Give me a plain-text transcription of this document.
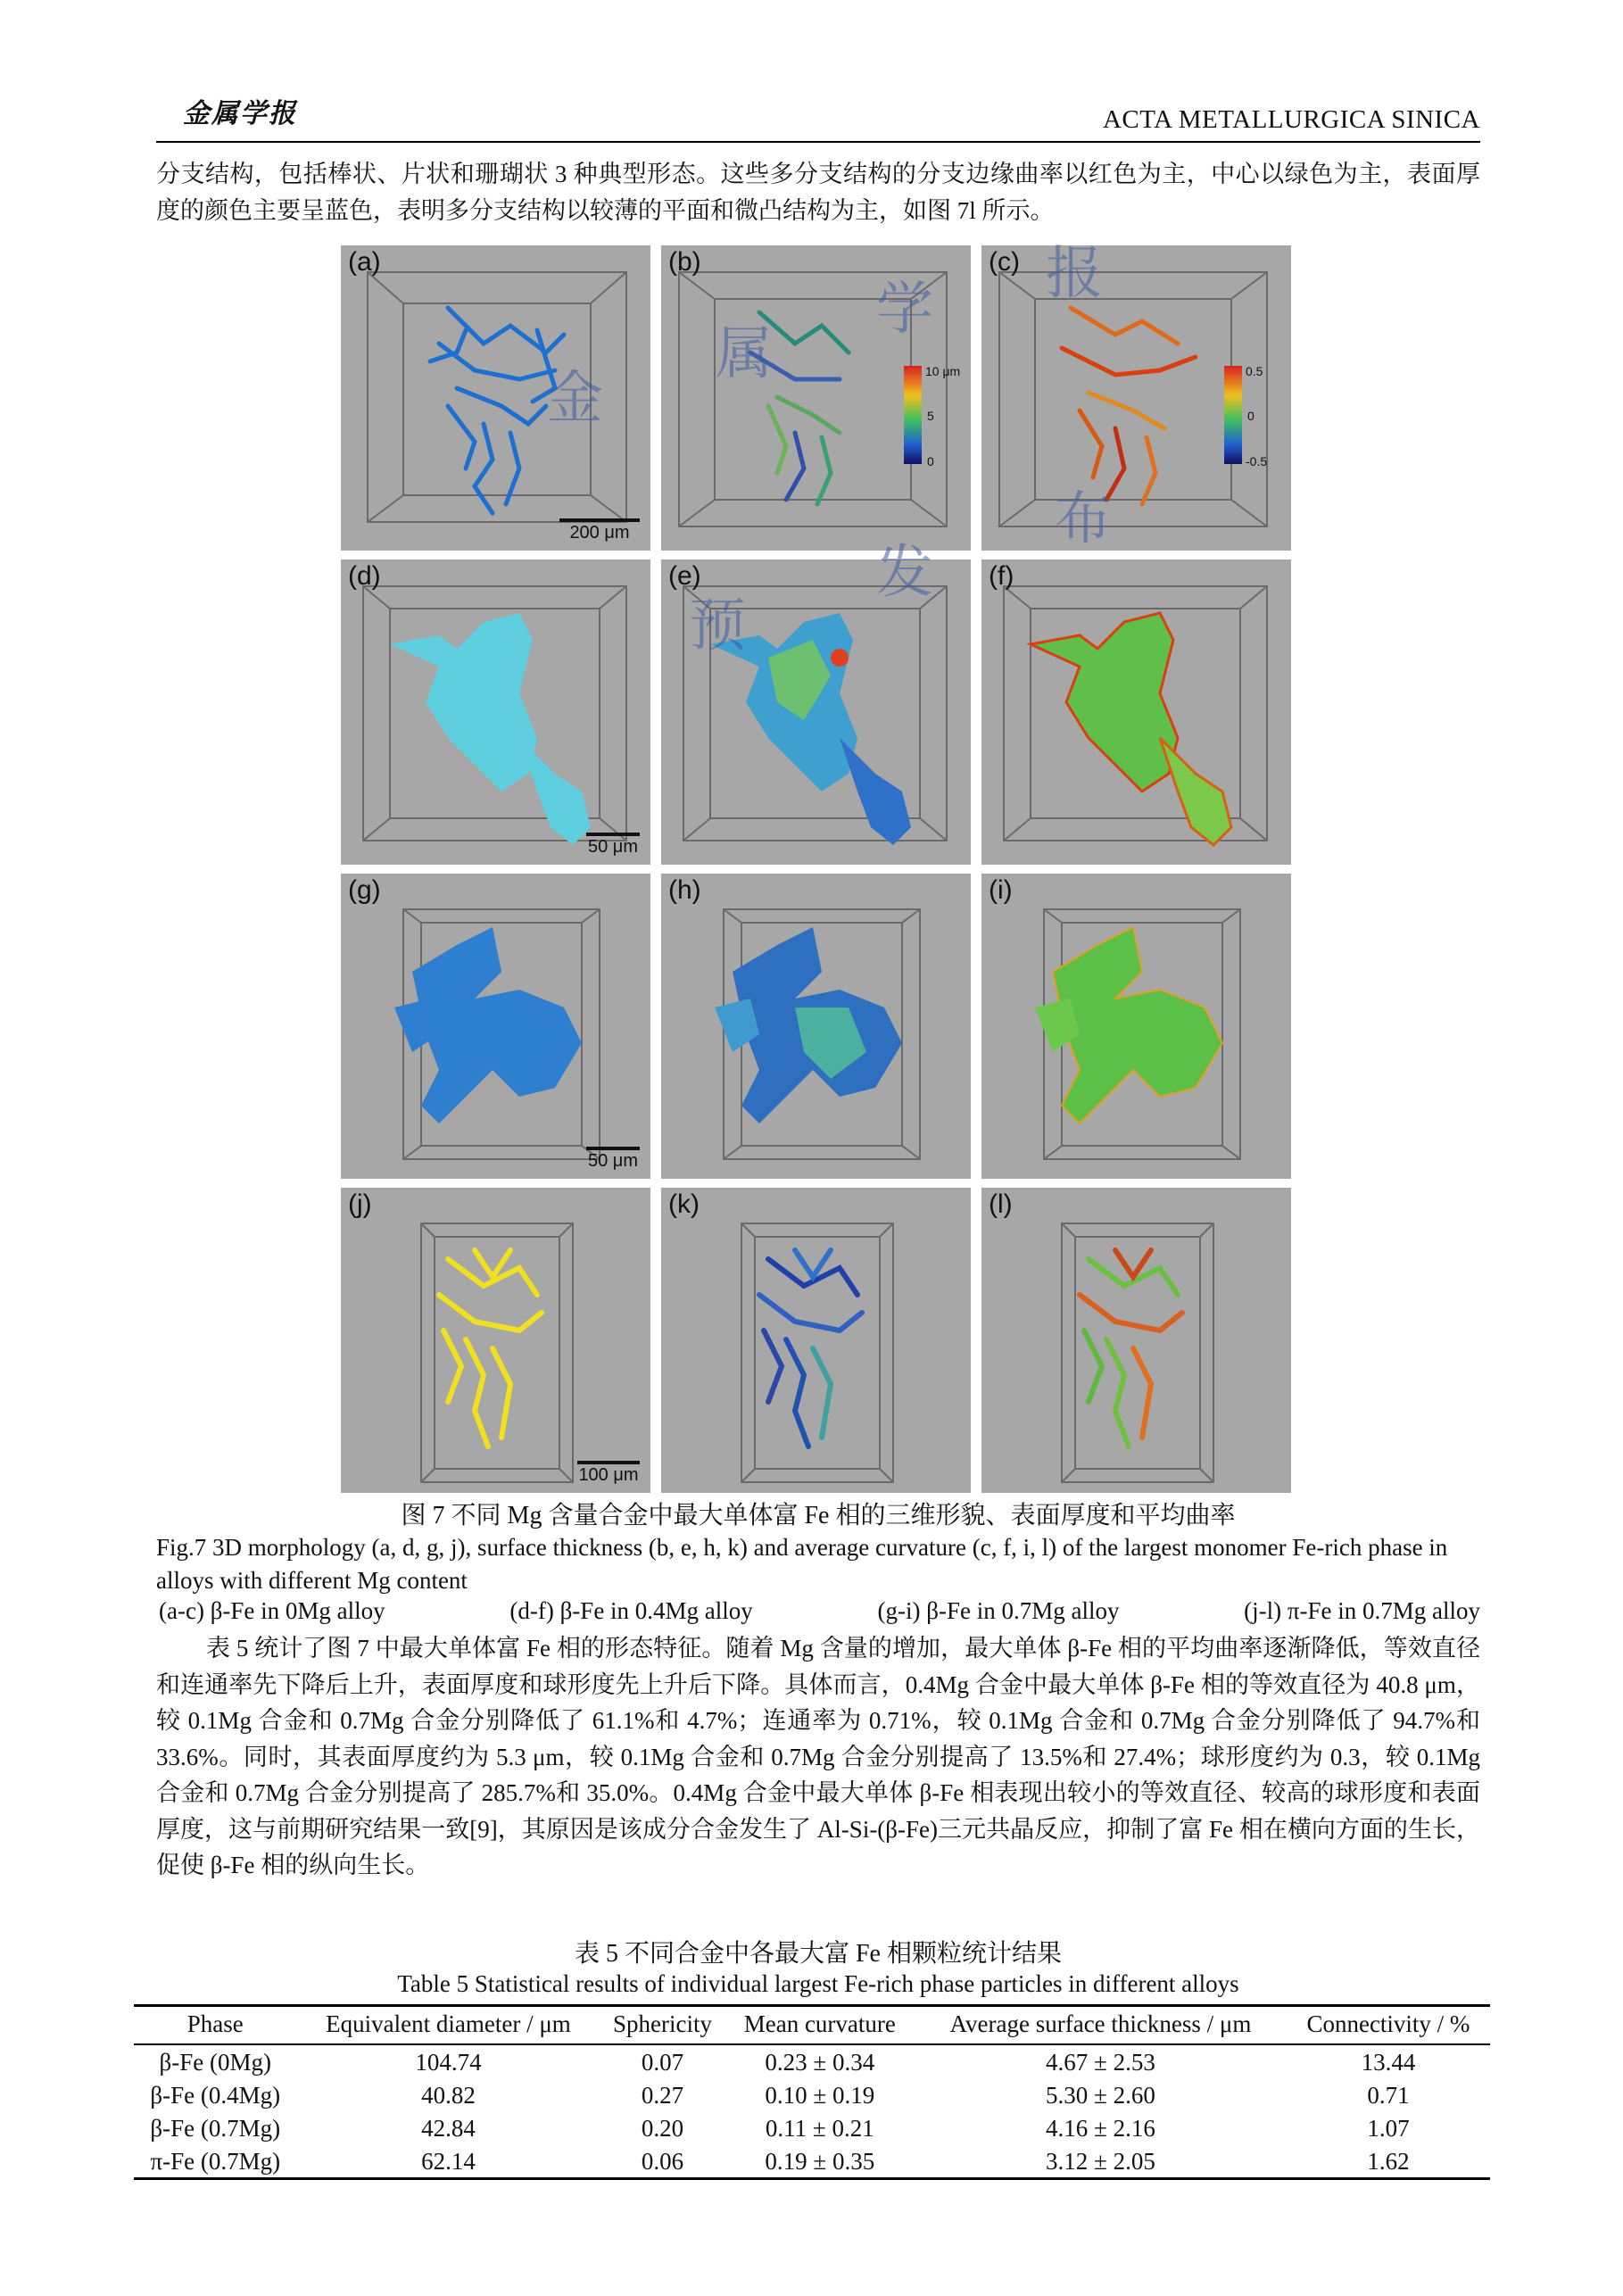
金属学报	ACTA METALLURGICA SINICA

分支结构，包括棒状、片状和珊瑚状 3 种典型形态。这些多分支结构的分支边缘曲率以红色为主，中心以绿色为主，表面厚度的颜色主要呈蓝色，表明多分支结构以较薄的平面和微凸结构为主，如图 7l 所示。

(a)
200 μm
(b)
10 μm
5
0
(c)
0.5
0
-0.5
(d)
50 μm
(e)	(f)
(g)
50 μm
(h)	(i)
(j)
100 μm
(k)	(l)
金
属
学
报
预
发
布
图 7 不同 Mg 含量合金中最大单体富 Fe 相的三维形貌、表面厚度和平均曲率
Fig.7 3D morphology (a, d, g, j), surface thickness (b, e, h, k) and average curvature (c, f, i, l) of the largest monomer Fe-rich phase in alloys with different Mg content
(a-c) β-Fe in 0Mg alloy	(d-f) β-Fe in 0.4Mg alloy	(g-i) β-Fe in 0.7Mg alloy	(j-l) π-Fe in 0.7Mg alloy

表 5 统计了图 7 中最大单体富 Fe 相的形态特征。随着 Mg 含量的增加，最大单体 β-Fe 相的平均曲率逐渐降低，等效直径和连通率先下降后上升，表面厚度和球形度先上升后下降。具体而言，0.4Mg 合金中最大单体 β-Fe 相的等效直径为 40.8 μm，较 0.1Mg 合金和 0.7Mg 合金分别降低了 61.1%和 4.7%；连通率为 0.71%，较 0.1Mg 合金和 0.7Mg 合金分别降低了 94.7%和 33.6%。同时，其表面厚度约为 5.3 μm，较 0.1Mg 合金和 0.7Mg 合金分别提高了 13.5%和 27.4%；球形度约为 0.3，较 0.1Mg 合金和 0.7Mg 合金分别提高了 285.7%和 35.0%。0.4Mg 合金中最大单体 β-Fe 相表现出较小的等效直径、较高的球形度和表面厚度，这与前期研究结果一致[9]，其原因是该成分合金发生了 Al-Si-(β-Fe)三元共晶反应，抑制了富 Fe 相在横向方面的生长，促使 β-Fe 相的纵向生长。

表 5 不同合金中各最大富 Fe 相颗粒统计结果
Table 5 Statistical results of individual largest Fe-rich phase particles in different alloys
Phase	Equivalent diameter / μm	Sphericity	Mean curvature	Average surface thickness / μm	Connectivity / %
β-Fe (0Mg)	104.74	0.07	0.23 ± 0.34	4.67 ± 2.53	13.44
β-Fe (0.4Mg)	40.82	0.27	0.10 ± 0.19	5.30 ± 2.60	0.71
β-Fe (0.7Mg)	42.84	0.20	0.11 ± 0.21	4.16 ± 2.16	1.07
π-Fe (0.7Mg)	62.14	0.06	0.19 ± 0.35	3.12 ± 2.05	1.62
